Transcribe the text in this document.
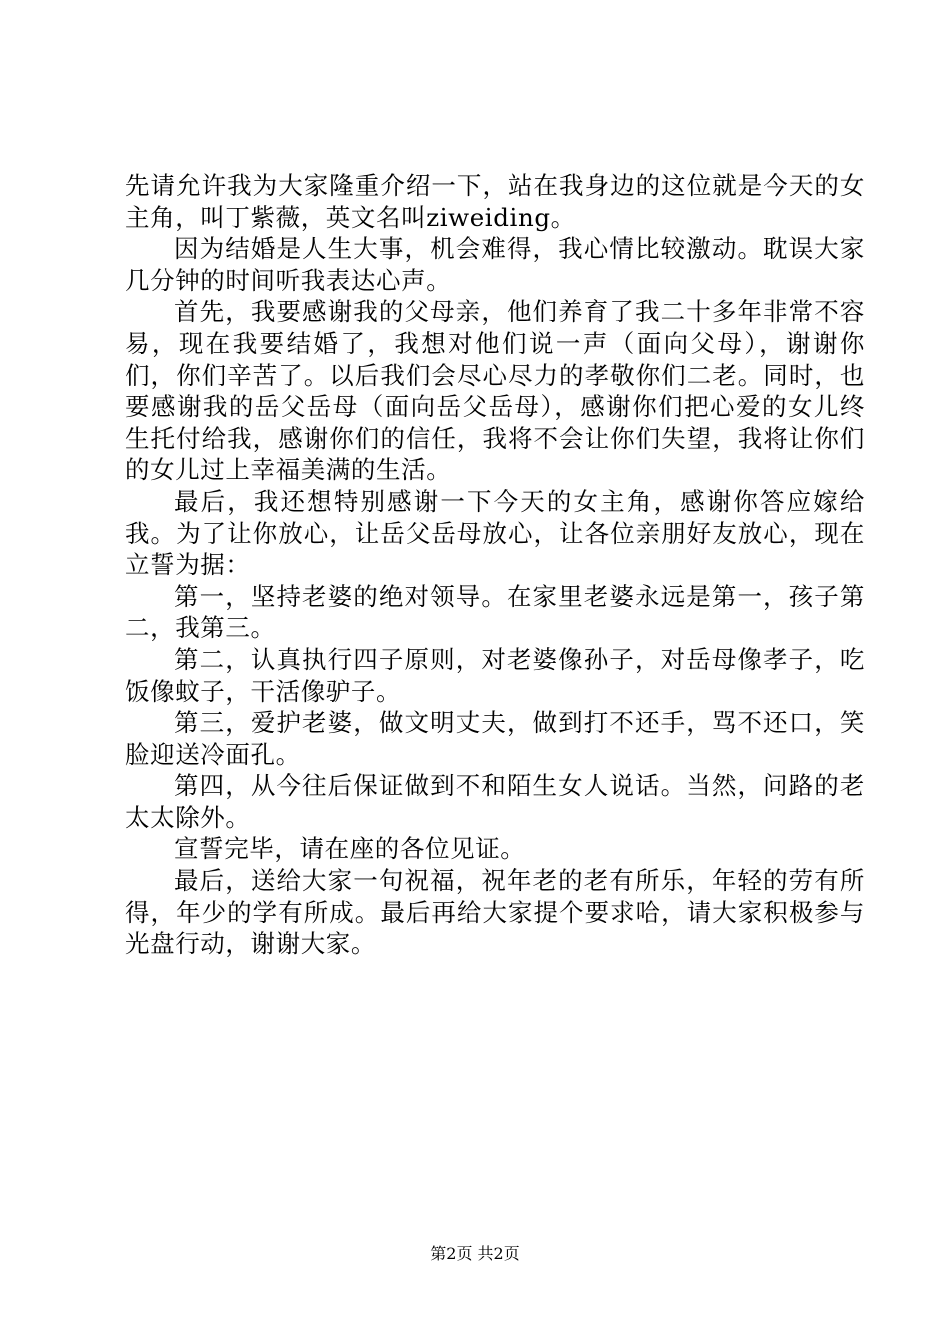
先请允许我为大家隆重介绍一下，站在我身边的这位就是今天的女主角，叫丁紫薇，英文名叫ziweiding。

因为结婚是人生大事，机会难得，我心情比较激动。耽误大家几分钟的时间听我表达心声。

首先，我要感谢我的父母亲，他们养育了我二十多年非常不容易，现在我要结婚了，我想对他们说一声（面向父母），谢谢你们，你们辛苦了。以后我们会尽心尽力的孝敬你们二老。同时，也要感谢我的岳父岳母（面向岳父岳母），感谢你们把心爱的女儿终生托付给我，感谢你们的信任，我将不会让你们失望，我将让你们的女儿过上幸福美满的生活。

最后，我还想特别感谢一下今天的女主角，感谢你答应嫁给我。为了让你放心，让岳父岳母放心，让各位亲朋好友放心，现在立誓为据：

第一，坚持老婆的绝对领导。在家里老婆永远是第一，孩子第二，我第三。

第二，认真执行四子原则，对老婆像孙子，对岳母像孝子，吃饭像蚊子，干活像驴子。

第三，爱护老婆，做文明丈夫，做到打不还手，骂不还口，笑脸迎送冷面孔。

第四，从今往后保证做到不和陌生女人说话。当然，问路的老太太除外。

宣誓完毕，请在座的各位见证。

最后，送给大家一句祝福，祝年老的老有所乐，年轻的劳有所得，年少的学有所成。最后再给大家提个要求哈，请大家积极参与光盘行动，谢谢大家。

第2页 共2页
